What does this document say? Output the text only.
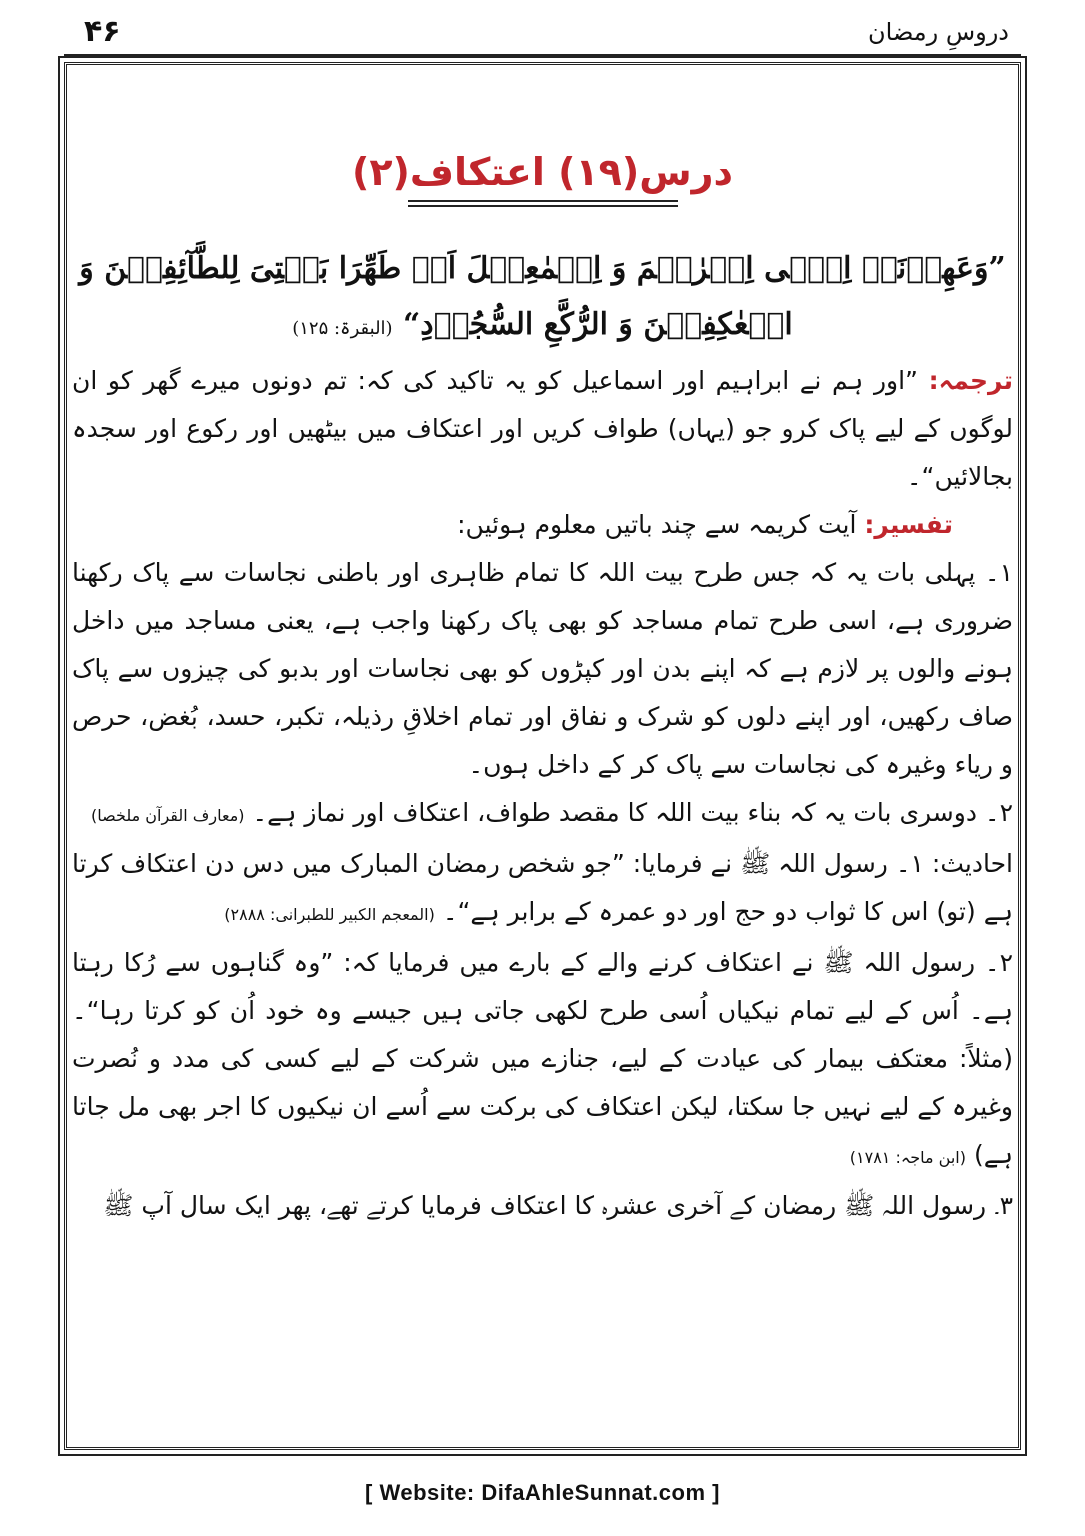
۴۶	دروسِ رمضان
درس(۱۹) اعتکاف(۲)
”وَعَهِدۡنَاۤ اِلٰۤی اِبۡرٰهٖمَ وَ اِسۡمٰعِیۡلَ اَنۡ طَهِّرَا بَیۡتِیَ لِلطَّآئِفِیۡنَ وَ الۡعٰکِفِیۡنَ وَ الرُّکَّعِ السُّجُوۡدِ“ (البقرۃ: ۱۲۵)

ترجمہ: ”اور ہم نے ابراہیم اور اسماعیل کو یہ تاکید کی کہ: تم دونوں میرے گھر کو ان لوگوں کے لیے پاک کرو جو (یہاں) طواف کریں اور اعتکاف میں بیٹھیں اور رکوع اور سجدہ بجالائیں“۔

تفسیر: آیت کریمہ سے چند باتیں معلوم ہوئیں:

۱۔ پہلی بات یہ کہ جس طرح بیت اللہ کا تمام ظاہری اور باطنی نجاسات سے پاک رکھنا ضروری ہے، اسی طرح تمام مساجد کو بھی پاک رکھنا واجب ہے، یعنی مساجد میں داخل ہونے والوں پر لازم ہے کہ اپنے بدن اور کپڑوں کو بھی نجاسات اور بدبو کی چیزوں سے پاک صاف رکھیں، اور اپنے دلوں کو شرک و نفاق اور تمام اخلاقِ رذیلہ، تکبر، حسد، بُغض، حرص و ریاء وغیرہ کی نجاسات سے پاک کر کے داخل ہوں۔

۲۔ دوسری بات یہ کہ بناء بیت اللہ کا مقصد طواف، اعتکاف اور نماز ہے۔ (معارف القرآن ملخصا)

احادیث: ۱۔ رسول اللہ ﷺ نے فرمایا: ”جو شخص رمضان المبارک میں دس دن اعتکاف کرتا ہے (تو) اس کا ثواب دو حج اور دو عمرہ کے برابر ہے“۔ (المعجم الکبیر للطبرانی: ۲۸۸۸)

۲۔ رسول اللہ ﷺ نے اعتکاف کرنے والے کے بارے میں فرمایا کہ: ”وہ گناہوں سے رُکا رہتا ہے۔ اُس کے لیے تمام نیکیاں اُسی طرح لکھی جاتی ہیں جیسے وہ خود اُن کو کرتا رہا“۔ (مثلاً: معتکف بیمار کی عیادت کے لیے، جنازے میں شرکت کے لیے کسی کی مدد و نُصرت وغیرہ کے لیے نہیں جا سکتا، لیکن اعتکاف کی برکت سے اُسے ان نیکیوں کا اجر بھی مل جاتا ہے) (ابن ماجہ: ۱۷۸۱)

۳۔ رسول اللہ ﷺ رمضان کے آخری عشرہ کا اعتکاف فرمایا کرتے تھے، پھر ایک سال آپ ﷺ

[ Website: DifaAhleSunnat.com ]
